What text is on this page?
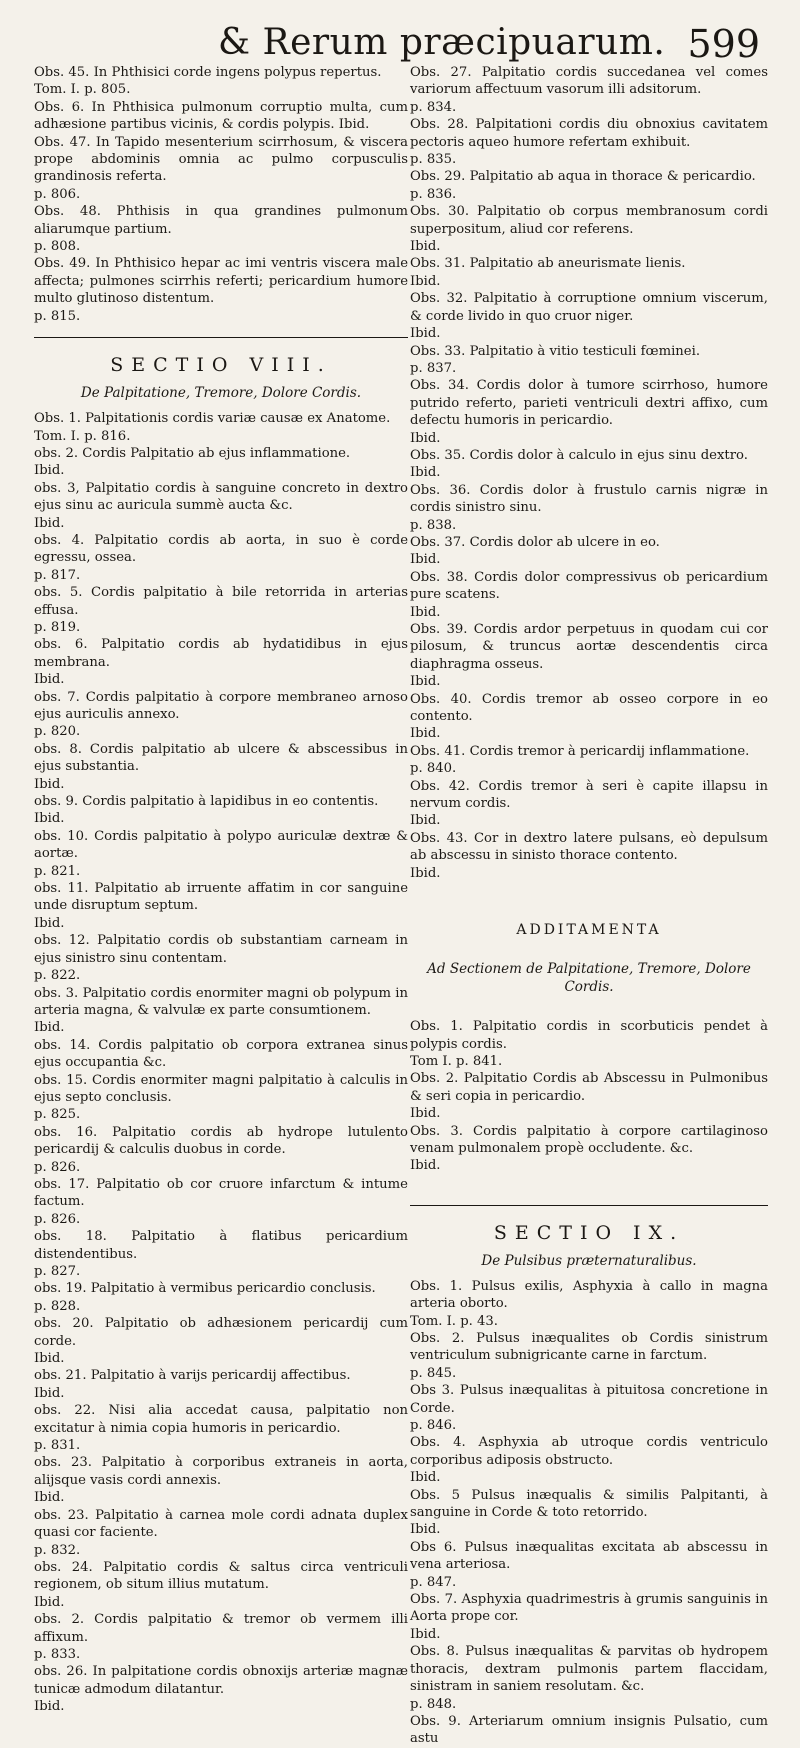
& Rerum præcipuarum. 599

Obs. 45. In Phthisici corde ingens polypus repertus.
Tom. I. p. 805.

Obs. 6. In Phthisica pulmonum corruptio multa, cum adhæsione partibus vicinis, & cordis polypis. Ibid.

Obs. 47. In Tapido mesenterium scirrhosum, & viscera prope abdominis omnia ac pulmo corpusculis grandinosis referta.
p. 806.

Obs. 48. Phthisis in qua grandines pulmonum aliarumque partium.
p. 808.

Obs. 49. In Phthisico hepar ac imi ventris viscera male affecta; pulmones scirrhis referti; pericardium humore multo glutinoso distentum.
p. 815.

SECTIO VIII.
De Palpitatione, Tremore, Dolore Cordis.

Obs. 1. Palpitationis cordis variæ causæ ex Anatome.
Tom. I. p. 816.

obs. 2. Cordis Palpitatio ab ejus inflammatione.
Ibid.

obs. 3, Palpitatio cordis à sanguine concreto in dextro ejus sinu ac auricula summè aucta &c.
Ibid.

obs. 4. Palpitatio cordis ab aorta, in suo è corde egressu, ossea.
p. 817.

obs. 5. Cordis palpitatio à bile retorrida in arterias effusa.
p. 819.

obs. 6. Palpitatio cordis ab hydatidibus in ejus membrana.
Ibid.

obs. 7. Cordis palpitatio à corpore membraneo arnoso ejus auriculis annexo.
p. 820.

obs. 8. Cordis palpitatio ab ulcere & abscessibus in ejus substantia.
Ibid.

obs. 9. Cordis palpitatio à lapidibus in eo contentis.
Ibid.

obs. 10. Cordis palpitatio à polypo auriculæ dextræ & aortæ.
p. 821.

obs. 11. Palpitatio ab irruente affatim in cor sanguine unde disruptum septum.
Ibid.

obs. 12. Palpitatio cordis ob substantiam carneam in ejus sinistro sinu contentam.
p. 822.

obs. 3. Palpitatio cordis enormiter magni ob polypum in arteria magna, & valvulæ ex parte consumtionem.
Ibid.

obs. 14. Cordis palpitatio ob corpora extranea sinus ejus occupantia &c.

obs. 15. Cordis enormiter magni palpitatio à calculis in ejus septo conclusis.
p. 825.

obs. 16. Palpitatio cordis ab hydrope lutulento pericardij & calculis duobus in corde.
p. 826.

obs. 17. Palpitatio ob cor cruore infarctum & intume factum.
p. 826.

obs. 18. Palpitatio à flatibus pericardium distendentibus.
p. 827.

obs. 19. Palpitatio à vermibus pericardio conclusis.
p. 828.

obs. 20. Palpitatio ob adhæsionem pericardij cum corde.
Ibid.

obs. 21. Palpitatio à varijs pericardij affectibus.
Ibid.

obs. 22. Nisi alia accedat causa, palpitatio non excitatur à nimia copia humoris in pericardio.
p. 831.

obs. 23. Palpitatio à corporibus extraneis in aorta, alijsque vasis cordi annexis.
Ibid.

obs. 23. Palpitatio à carnea mole cordi adnata duplex quasi cor faciente.
p. 832.

obs. 24. Palpitatio cordis & saltus circa ventriculi regionem, ob situm illius mutatum.
Ibid.

obs. 2. Cordis palpitatio & tremor ob vermem illi affixum.
p. 833.

obs. 26. In palpitatione cordis obnoxijs arteriæ magnæ tunicæ admodum dilatantur.
Ibid.

Obs. 27. Palpitatio cordis succedanea vel comes variorum affectuum vasorum illi adsitorum.
p. 834.

Obs. 28. Palpitationi cordis diu obnoxius cavitatem pectoris aqueo humore refertam exhibuit.
p. 835.

Obs. 29. Palpitatio ab aqua in thorace & pericardio.
p. 836.

Obs. 30. Palpitatio ob corpus membranosum cordi superpositum, aliud cor referens.
Ibid.

Obs. 31. Palpitatio ab aneurismate lienis.
Ibid.

Obs. 32. Palpitatio à corruptione omnium viscerum, & corde livido in quo cruor niger.
Ibid.

Obs. 33. Palpitatio à vitio testiculi fœminei.
p. 837.

Obs. 34. Cordis dolor à tumore scirrhoso, humore putrido referto, parieti ventriculi dextri affixo, cum defectu humoris in pericardio.
Ibid.

Obs. 35. Cordis dolor à calculo in ejus sinu dextro.
Ibid.

Obs. 36. Cordis dolor à frustulo carnis nigræ in cordis sinistro sinu.
p. 838.

Obs. 37. Cordis dolor ab ulcere in eo.
Ibid.

Obs. 38. Cordis dolor compressivus ob pericardium pure scatens.
Ibid.

Obs. 39. Cordis ardor perpetuus in quodam cui cor pilosum, & truncus aortæ descendentis circa diaphragma osseus.
Ibid.

Obs. 40. Cordis tremor ab osseo corpore in eo contento.
Ibid.

Obs. 41. Cordis tremor à pericardij inflammatione.
p. 840.

Obs. 42. Cordis tremor à seri è capite illapsu in nervum cordis.
Ibid.

Obs. 43. Cor in dextro latere pulsans, eò depulsum ab abscessu in sinisto thorace contento.
Ibid.

ADDITAMENTA
Ad Sectionem de Palpitatione, Tremore, Dolore Cordis.

Obs. 1. Palpitatio cordis in scorbuticis pendet à polypis cordis.
Tom I. p. 841.

Obs. 2. Palpitatio Cordis ab Abscessu in Pulmonibus & seri copia in pericardio.
Ibid.

Obs. 3. Cordis palpitatio à corpore cartilaginoso venam pulmonalem propè occludente. &c.
Ibid.

SECTIO IX.
De Pulsibus præternaturalibus.

Obs. 1. Pulsus exilis, Asphyxia à callo in magna arteria oborto.
Tom. I. p. 43.

Obs. 2. Pulsus inæqualites ob Cordis sinistrum ventriculum subnigricante carne in farctum.
p. 845.

Obs 3. Pulsus inæqualitas à pituitosa concretione in Corde.
p. 846.

Obs. 4. Asphyxia ab utroque cordis ventriculo corporibus adiposis obstructo.
Ibid.

Obs. 5 Pulsus inæqualis & similis Palpitanti, à sanguine in Corde & toto retorrido.
Ibid.

Obs 6. Pulsus inæqualitas excitata ab abscessu in vena arteriosa.
p. 847.

Obs. 7. Asphyxia quadrimestris à grumis sanguinis in Aorta prope cor.
Ibid.

Obs. 8. Pulsus inæqualitas & parvitas ob hydropem thoracis, dextram pulmonis partem flaccidam, sinistram in saniem resolutam. &c.
p. 848.

Obs. 9. Arteriarum omnium insignis Pulsatio, cum astu
